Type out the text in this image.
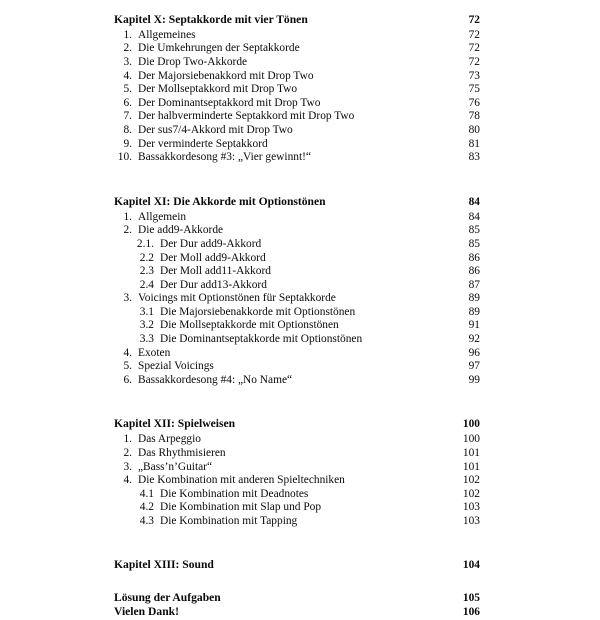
Kapitel X: Septakkorde mit vier Tönen	72
1. Allgemeines	72
2. Die Umkehrungen der Septakkorde	72
3. Die Drop Two-Akkorde	72
4. Der Majorsiebenakkord mit Drop Two	73
5. Der Mollseptakkord mit Drop Two	75
6. Der Dominantseptakkord mit Drop Two	76
7. Der halbverminderte Septakkord mit Drop Two	78
8. Der sus7/4-Akkord mit Drop Two	80
9. Der verminderte Septakkord	81
10. Bassakkordesong #3: „Vier gewinnt!“	83
Kapitel XI: Die Akkorde mit Optionstönen	84
1. Allgemein	84
2. Die add9-Akkorde	85
2.1. Der Dur add9-Akkord	85
2.2 Der Moll add9-Akkord	86
2.3 Der Moll add11-Akkord	86
2.4 Der Dur add13-Akkord	87
3. Voicings mit Optionstönen für Septakkorde	89
3.1 Die Majorsiebenakkorde mit Optionstönen	89
3.2 Die Mollseptakkorde mit Optionstönen	91
3.3 Die Dominantseptakkorde mit Optionstönen	92
4. Exoten	96
5. Spezial Voicings	97
6. Bassakkordesong #4: „No Name“	99
Kapitel XII: Spielweisen	100
1. Das Arpeggio	100
2. Das Rhythmisieren	101
3. „Bass’n’Guitar“	101
4. Die Kombination mit anderen Spieltechniken	102
4.1 Die Kombination mit Deadnotes	102
4.2 Die Kombination mit Slap und Pop	103
4.3 Die Kombination mit Tapping	103
Kapitel XIII: Sound	104
Lösung der Aufgaben	105
Vielen Dank!	106
